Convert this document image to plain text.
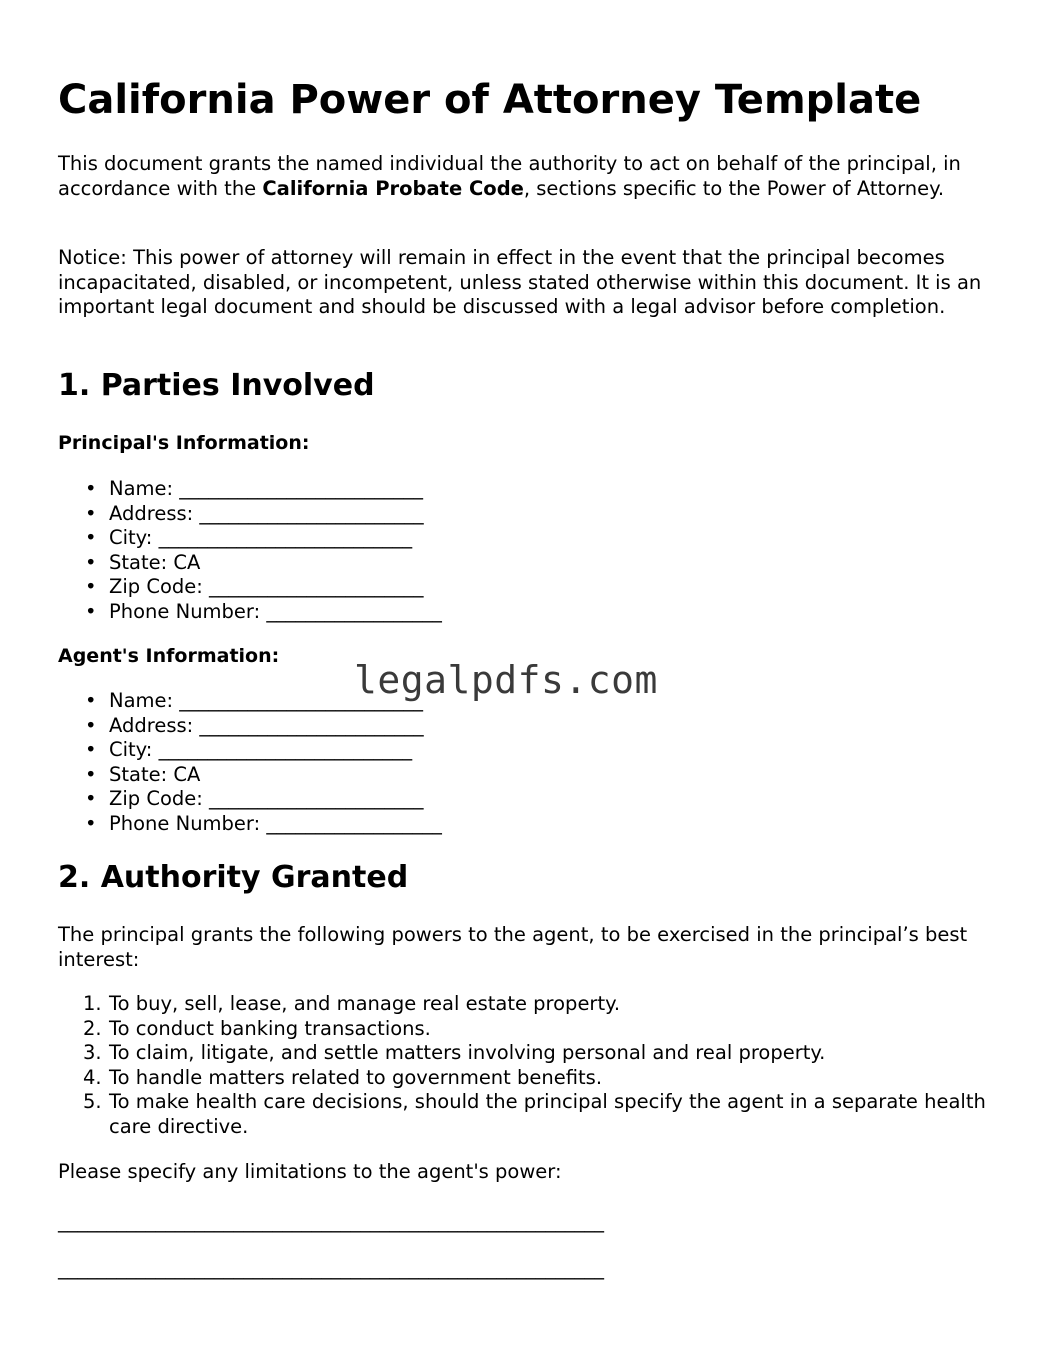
California Power of Attorney Template

This document grants the named individual the authority to act on behalf of the principal, in accordance with the California Probate Code, sections specific to the Power of Attorney.

Notice: This power of attorney will remain in effect in the event that the principal becomes incapacitated, disabled, or incompetent, unless stated otherwise within this document. It is an important legal document and should be discussed with a legal advisor before completion.

1. Parties Involved
Principal's Information:
• Name: _________________________
• Address: _______________________
• City: __________________________
• State: CA
• Zip Code: ______________________
• Phone Number: __________________
Agent's Information:
• Name: _________________________
• Address: _______________________
• City: __________________________
• State: CA
• Zip Code: ______________________
• Phone Number: __________________
2. Authority Granted

The principal grants the following powers to the agent, to be exercised in the principal’s best interest:

1. To buy, sell, lease, and manage real estate property.
2. To conduct banking transactions.
3. To claim, litigate, and settle matters involving personal and real property.
4. To handle matters related to government benefits.
5. To make health care decisions, should the principal specify the agent in a separate health care directive.

Please specify any limitations to the agent's power:

________________________________________________________
________________________________________________________
legalpdfs.com
